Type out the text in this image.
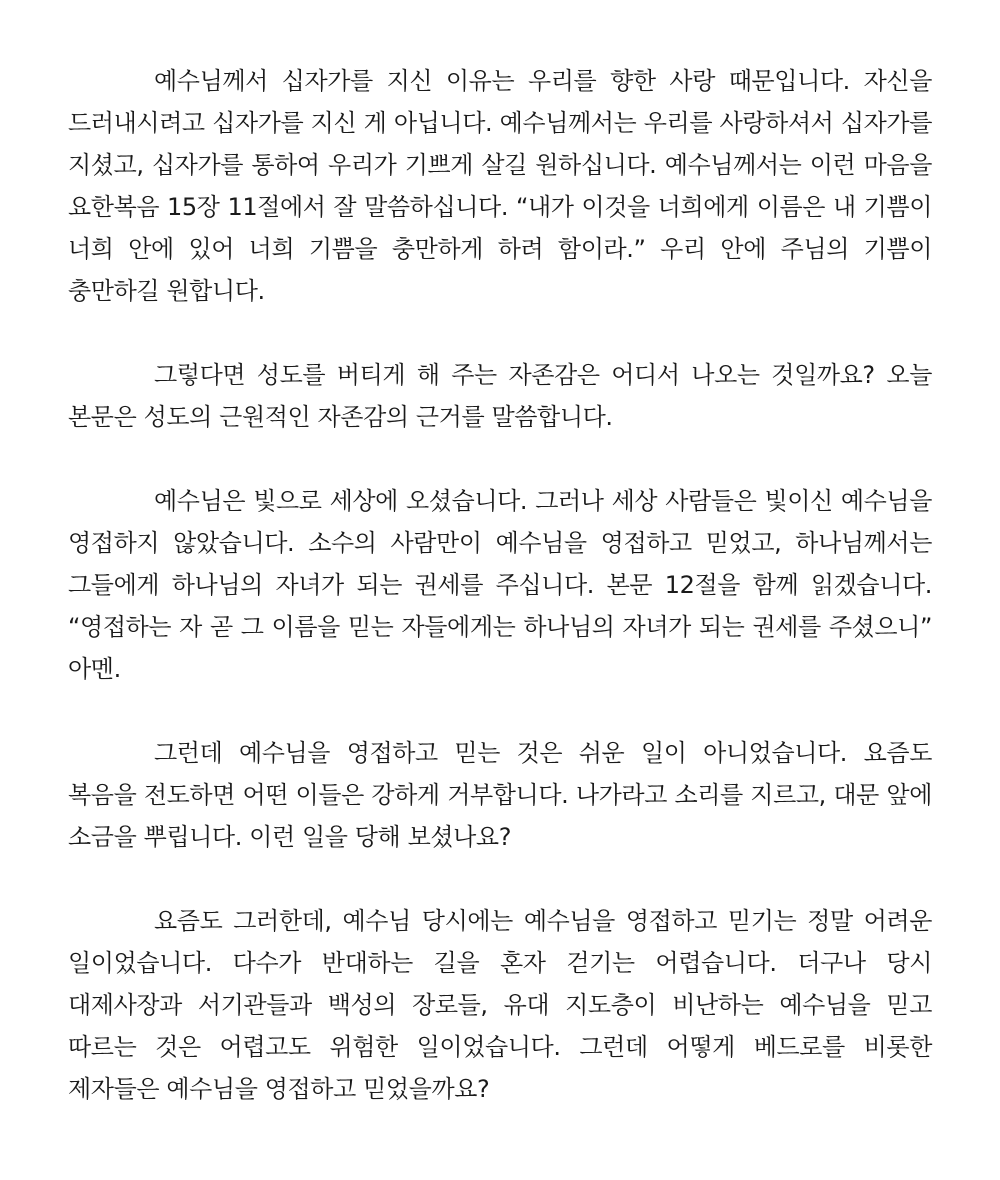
예수님께서 십자가를 지신 이유는 우리를 향한 사랑 때문입니다. 자신을 드러내시려고 십자가를 지신 게 아닙니다. 예수님께서는 우리를 사랑하셔서 십자가를 지셨고, 십자가를 통하여 우리가 기쁘게 살길 원하십니다. 예수님께서는 이런 마음을 요한복음 15장 11절에서 잘 말씀하십니다. “내가 이것을 너희에게 이름은 내 기쁨이 너희 안에 있어 너희 기쁨을 충만하게 하려 함이라.” 우리 안에 주님의 기쁨이 충만하길 원합니다.

그렇다면 성도를 버티게 해 주는 자존감은 어디서 나오는 것일까요? 오늘 본문은 성도의 근원적인 자존감의 근거를 말씀합니다.

예수님은 빛으로 세상에 오셨습니다. 그러나 세상 사람들은 빛이신 예수님을 영접하지 않았습니다. 소수의 사람만이 예수님을 영접하고 믿었고, 하나님께서는 그들에게 하나님의 자녀가 되는 권세를 주십니다. 본문 12절을 함께 읽겠습니다. “영접하는 자 곧 그 이름을 믿는 자들에게는 하나님의 자녀가 되는 권세를 주셨으니” 아멘.

그런데 예수님을 영접하고 믿는 것은 쉬운 일이 아니었습니다. 요즘도 복음을 전도하면 어떤 이들은 강하게 거부합니다. 나가라고 소리를 지르고, 대문 앞에 소금을 뿌립니다. 이런 일을 당해 보셨나요?

요즘도 그러한데, 예수님 당시에는 예수님을 영접하고 믿기는 정말 어려운 일이었습니다. 다수가 반대하는 길을 혼자 걷기는 어렵습니다. 더구나 당시 대제사장과 서기관들과 백성의 장로들, 유대 지도층이 비난하는 예수님을 믿고 따르는 것은 어렵고도 위험한 일이었습니다. 그런데 어떻게 베드로를 비롯한 제자들은 예수님을 영접하고 믿었을까요?
